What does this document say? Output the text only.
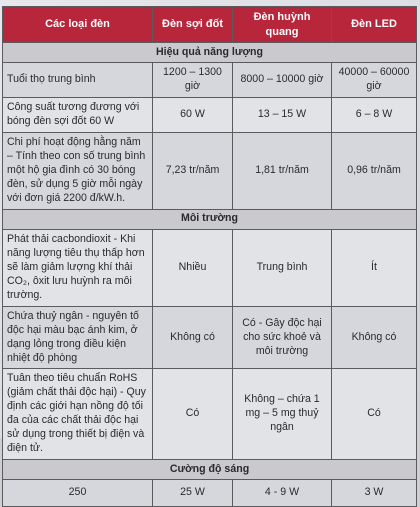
Các loại đèn	Đèn sợi đốt	Đèn huỳnh quang	Đèn LED
Hiệu quả năng lượng			
Tuổi thọ trung bình	1200 – 1300 giờ	8000 – 10000 giờ	40000 – 60000 giờ
Công suất tương đương với bóng đèn sợi đốt 60 W	60 W	13 – 15 W	6 – 8 W
Chi phí hoạt động hằng năm – Tính theo con số trung bình một hộ gia đình có 30 bóng đèn, sử dụng 5 giờ mỗi ngày với đơn giá 2200 đ/kW.h.	7,23 tr/năm	1,81 tr/năm	0,96 tr/năm
Môi trường			
Phát thải cacbondioxit - Khi năng lượng tiêu thụ thấp hơn sẽ làm giảm lượng khí thải CO₂, ôxit lưu huỳnh ra môi trường.	Nhiều	Trung bình	Ít
Chứa thuỷ ngân - nguyên tố độc hại màu bạc ánh kim, ở dạng lỏng trong điều kiện nhiệt độ phòng	Không có	Có - Gây độc hại cho sức khoẻ và môi trường	Không có
Tuân theo tiêu chuẩn RoHS (giảm chất thải độc hại) - Quy định các giới hạn nồng độ tối đa của các chất thải độc hại sử dụng trong thiết bị điện và điện tử.	Có	Không – chứa 1 mg – 5 mg thuỷ ngân	Có
Cường độ sáng			
250	25 W	4 - 9 W	3 W
